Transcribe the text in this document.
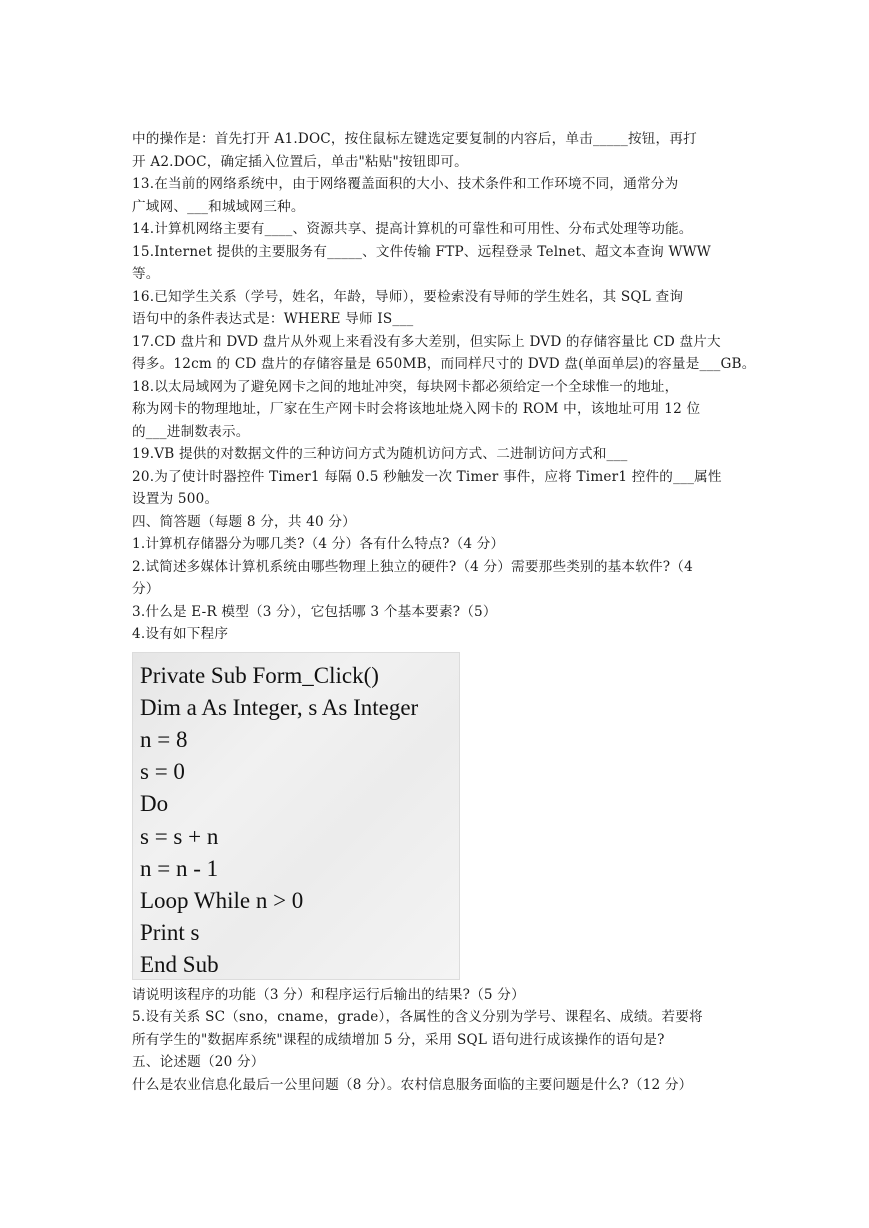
中的操作是：首先打开 A1.DOC，按住鼠标左键选定要复制的内容后，单击_____按钮，再打
开 A2.DOC，确定插入位置后，单击"粘贴"按钮即可。
13.在当前的网络系统中，由于网络覆盖面积的大小、技术条件和工作环境不同，通常分为
广域网、___和城域网三种。
14.计算机网络主要有____、资源共享、提高计算机的可靠性和可用性、分布式处理等功能。
15.Internet 提供的主要服务有_____、文件传输 FTP、远程登录 Telnet、超文本查询 WWW
等。
16.已知学生关系（学号，姓名，年龄，导师），要检索没有导师的学生姓名，其 SQL 查询
语句中的条件表达式是：WHERE 导师 IS___
17.CD 盘片和 DVD 盘片从外观上来看没有多大差别，但实际上 DVD 的存储容量比 CD 盘片大
得多。12cm 的 CD 盘片的存储容量是 650MB，而同样尺寸的 DVD 盘(单面单层)的容量是___GB。
18.以太局域网为了避免网卡之间的地址冲突，每块网卡都必须给定一个全球惟一的地址，
称为网卡的物理地址，厂家在生产网卡时会将该地址烧入网卡的 ROM 中，该地址可用 12 位
的___进制数表示。
19.VB 提供的对数据文件的三种访问方式为随机访问方式、二进制访问方式和___
20.为了使计时器控件 Timer1 每隔 0.5 秒触发一次 Timer 事件，应将 Timer1 控件的___属性
设置为 500。
四、简答题（每题 8 分，共 40 分）
1.计算机存储器分为哪几类?（4 分）各有什么特点?（4 分）
2.试简述多媒体计算机系统由哪些物理上独立的硬件?（4 分）需要那些类别的基本软件?（4
分）
3.什么是 E-R 模型（3 分），它包括哪 3 个基本要素?（5）
4.设有如下程序
Private Sub Form_Click()
Dim a As Integer, s As Integer
n = 8
s = 0
Do
s = s + n
n = n - 1
Loop While n > 0
Print s
End Sub
请说明该程序的功能（3 分）和程序运行后输出的结果?（5 分）
5.设有关系 SC（sno，cname，grade），各属性的含义分别为学号、课程名、成绩。若要将
所有学生的"数据库系统"课程的成绩增加 5 分，采用 SQL 语句进行成该操作的语句是?
五、论述题（20 分）
什么是农业信息化最后一公里问题（8 分）。农村信息服务面临的主要问题是什么?（12 分）
